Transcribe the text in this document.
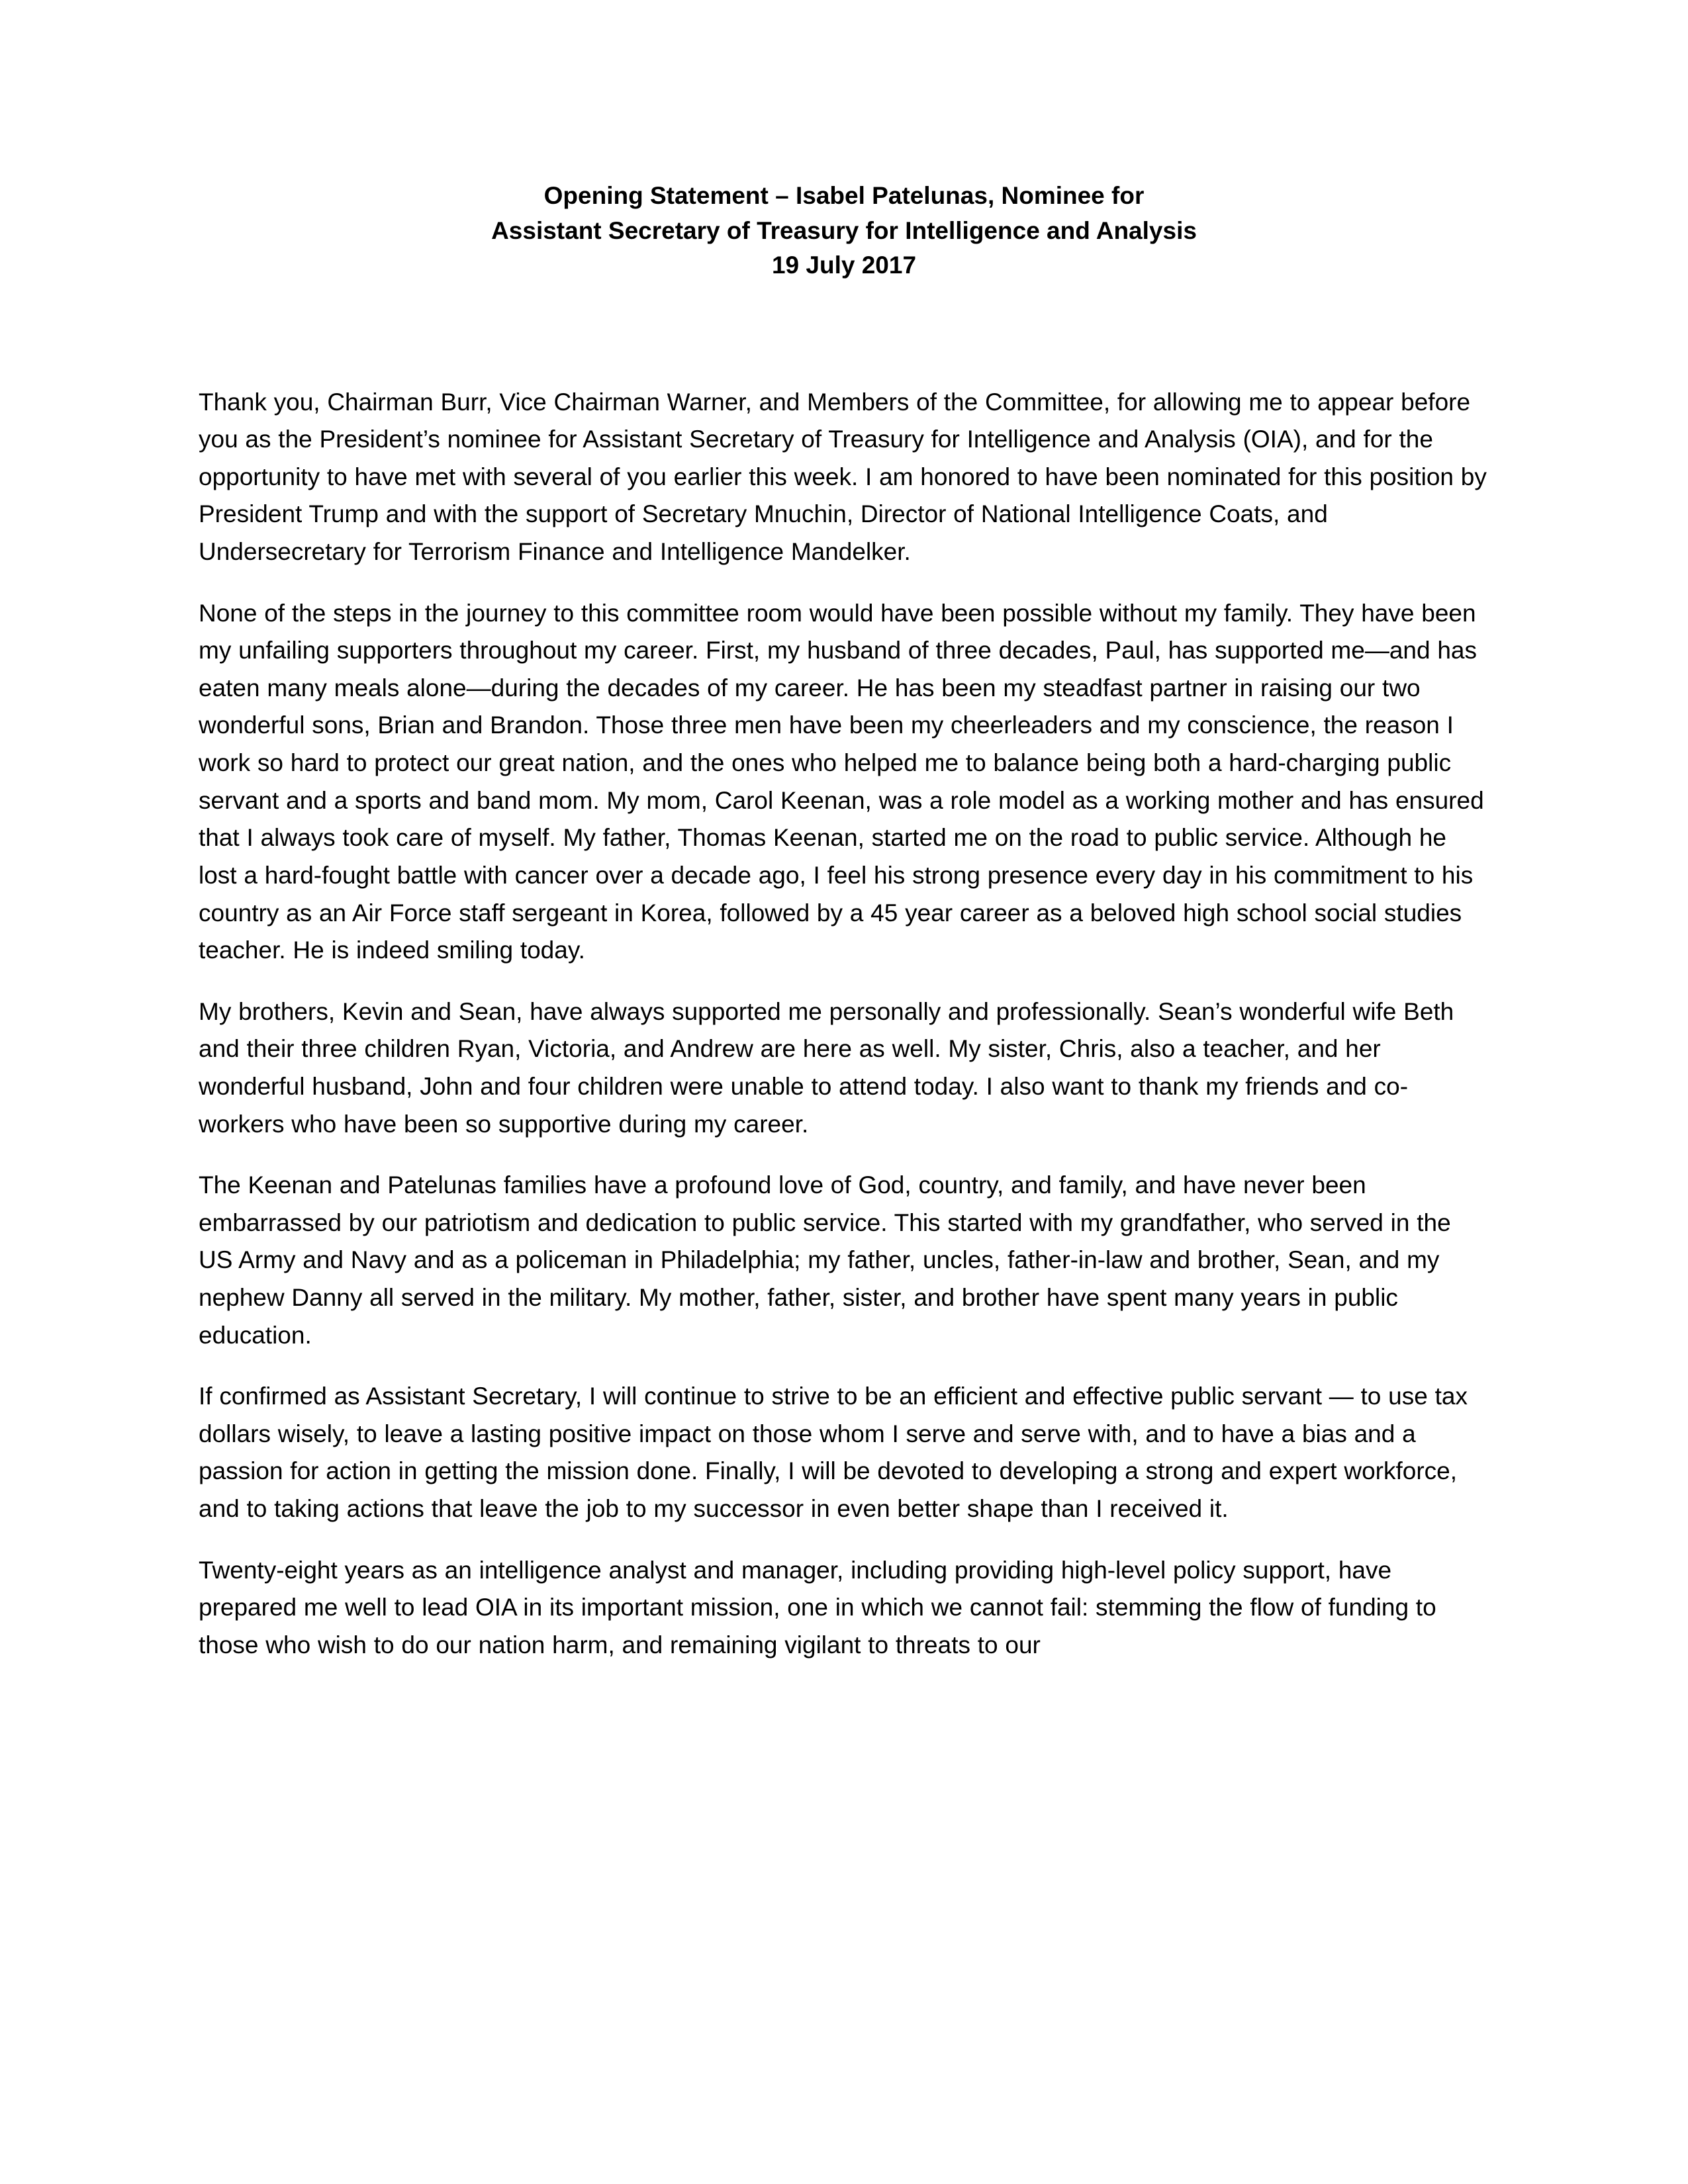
Opening Statement – Isabel Patelunas, Nominee for
Assistant Secretary of Treasury for Intelligence and Analysis
19 July 2017

Thank you, Chairman Burr, Vice Chairman Warner, and Members of the Committee, for allowing me to appear before you as the President’s nominee for Assistant Secretary of Treasury for Intelligence and Analysis (OIA), and for the opportunity to have met with several of you earlier this week. I am honored to have been nominated for this position by President Trump and with the support of Secretary Mnuchin, Director of National Intelligence Coats, and Undersecretary for Terrorism Finance and Intelligence Mandelker.

None of the steps in the journey to this committee room would have been possible without my family. They have been my unfailing supporters throughout my career. First, my husband of three decades, Paul, has supported me—and has eaten many meals alone—during the decades of my career. He has been my steadfast partner in raising our two wonderful sons, Brian and Brandon. Those three men have been my cheerleaders and my conscience, the reason I work so hard to protect our great nation, and the ones who helped me to balance being both a hard-charging public servant and a sports and band mom. My mom, Carol Keenan, was a role model as a working mother and has ensured that I always took care of myself. My father, Thomas Keenan, started me on the road to public service. Although he lost a hard-fought battle with cancer over a decade ago, I feel his strong presence every day in his commitment to his country as an Air Force staff sergeant in Korea, followed by a 45 year career as a beloved high school social studies teacher. He is indeed smiling today.

My brothers, Kevin and Sean, have always supported me personally and professionally. Sean’s wonderful wife Beth and their three children Ryan, Victoria, and Andrew are here as well. My sister, Chris, also a teacher, and her wonderful husband, John and four children were unable to attend today. I also want to thank my friends and co-workers who have been so supportive during my career.

The Keenan and Patelunas families have a profound love of God, country, and family, and have never been embarrassed by our patriotism and dedication to public service. This started with my grandfather, who served in the US Army and Navy and as a policeman in Philadelphia; my father, uncles, father-in-law and brother, Sean, and my nephew Danny all served in the military. My mother, father, sister, and brother have spent many years in public education.

If confirmed as Assistant Secretary, I will continue to strive to be an efficient and effective public servant — to use tax dollars wisely, to leave a lasting positive impact on those whom I serve and serve with, and to have a bias and a passion for action in getting the mission done. Finally, I will be devoted to developing a strong and expert workforce, and to taking actions that leave the job to my successor in even better shape than I received it.

Twenty-eight years as an intelligence analyst and manager, including providing high-level policy support, have prepared me well to lead OIA in its important mission, one in which we cannot fail: stemming the flow of funding to those who wish to do our nation harm, and remaining vigilant to threats to our
